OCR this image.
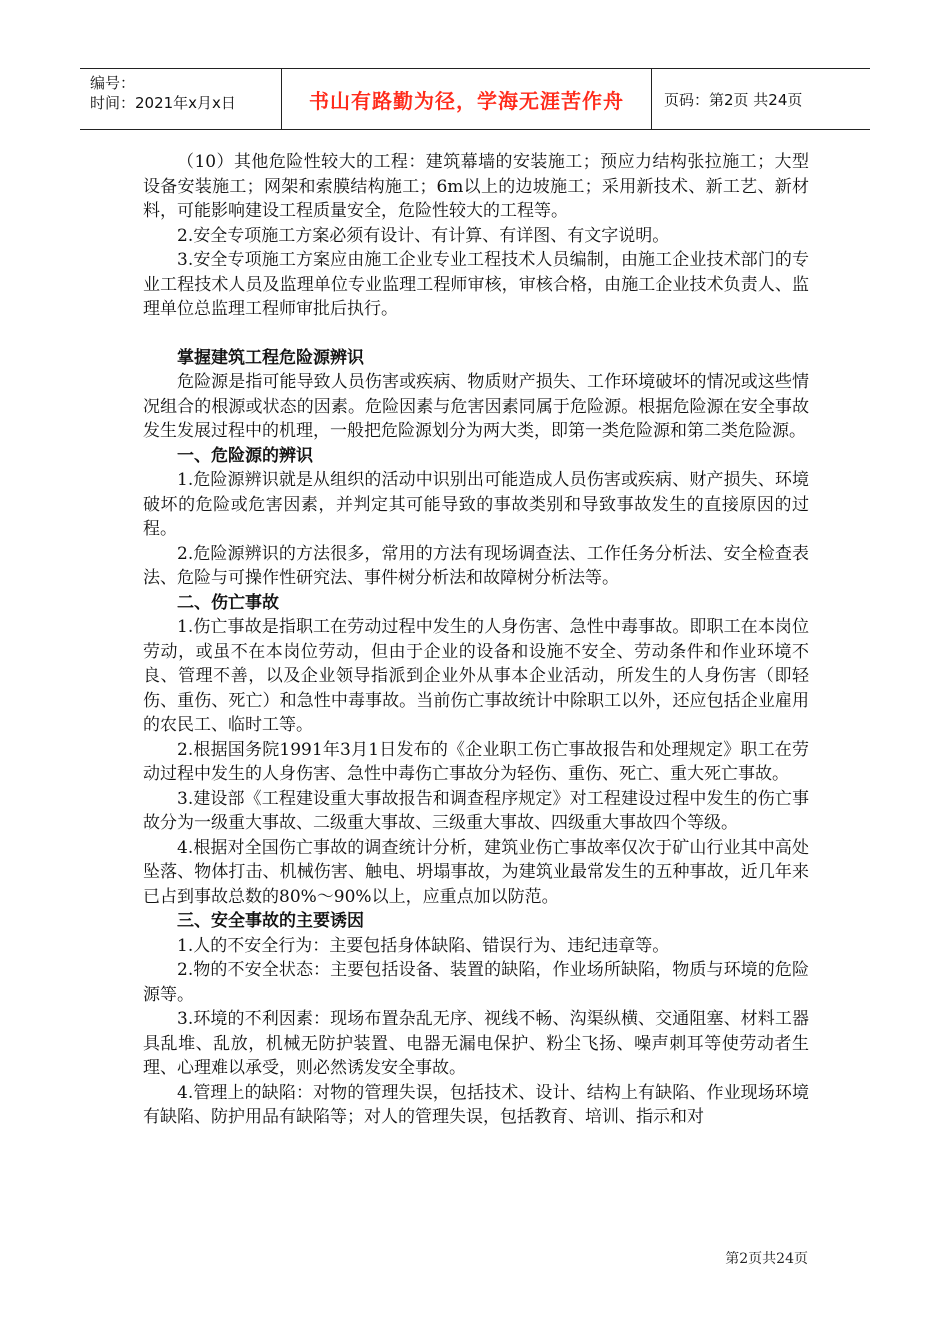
编号：
时间：2021年x月x日	书山有路勤为径，学海无涯苦作舟	页码：第2页 共24页

（10）其他危险性较大的工程：建筑幕墙的安装施工；预应力结构张拉施工；大型设备安装施工；网架和索膜结构施工；6m以上的边坡施工；采用新技术、新工艺、新材料，可能影响建设工程质量安全，危险性较大的工程等。

2.安全专项施工方案必须有设计、有计算、有详图、有文字说明。

3.安全专项施工方案应由施工企业专业工程技术人员编制，由施工企业技术部门的专业工程技术人员及监理单位专业监理工程师审核，审核合格，由施工企业技术负责人、监理单位总监理工程师审批后执行。

掌握建筑工程危险源辨识

危险源是指可能导致人员伤害或疾病、物质财产损失、工作环境破坏的情况或这些情况组合的根源或状态的因素。危险因素与危害因素同属于危险源。根据危险源在安全事故发生发展过程中的机理，一般把危险源划分为两大类，即第一类危险源和第二类危险源。

一、危险源的辨识

1.危险源辨识就是从组织的活动中识别出可能造成人员伤害或疾病、财产损失、环境破坏的危险或危害因素，并判定其可能导致的事故类别和导致事故发生的直接原因的过程。

2.危险源辨识的方法很多，常用的方法有现场调查法、工作任务分析法、安全检查表法、危险与可操作性研究法、事件树分析法和故障树分析法等。

二、伤亡事故

1.伤亡事故是指职工在劳动过程中发生的人身伤害、急性中毒事故。即职工在本岗位劳动，或虽不在本岗位劳动，但由于企业的设备和设施不安全、劳动条件和作业环境不良、管理不善，以及企业领导指派到企业外从事本企业活动，所发生的人身伤害（即轻伤、重伤、死亡）和急性中毒事故。当前伤亡事故统计中除职工以外，还应包括企业雇用的农民工、临时工等。

2.根据国务院1991年3月1日发布的《企业职工伤亡事故报告和处理规定》职工在劳动过程中发生的人身伤害、急性中毒伤亡事故分为轻伤、重伤、死亡、重大死亡事故。

3.建设部《工程建设重大事故报告和调查程序规定》对工程建设过程中发生的伤亡事故分为一级重大事故、二级重大事故、三级重大事故、四级重大事故四个等级。

4.根据对全国伤亡事故的调查统计分析，建筑业伤亡事故率仅次于矿山行业其中高处坠落、物体打击、机械伤害、触电、坍塌事故，为建筑业最常发生的五种事故，近几年来已占到事故总数的80%～90%以上，应重点加以防范。

三、安全事故的主要诱因

1.人的不安全行为：主要包括身体缺陷、错误行为、违纪违章等。

2.物的不安全状态：主要包括设备、装置的缺陷，作业场所缺陷，物质与环境的危险源等。

3.环境的不利因素：现场布置杂乱无序、视线不畅、沟渠纵横、交通阻塞、材料工器具乱堆、乱放，机械无防护装置、电器无漏电保护、粉尘飞扬、噪声刺耳等使劳动者生理、心理难以承受，则必然诱发安全事故。

4.管理上的缺陷：对物的管理失误，包括技术、设计、结构上有缺陷、作业现场环境有缺陷、防护用品有缺陷等；对人的管理失误，包括教育、培训、指示和对

第2页共24页
